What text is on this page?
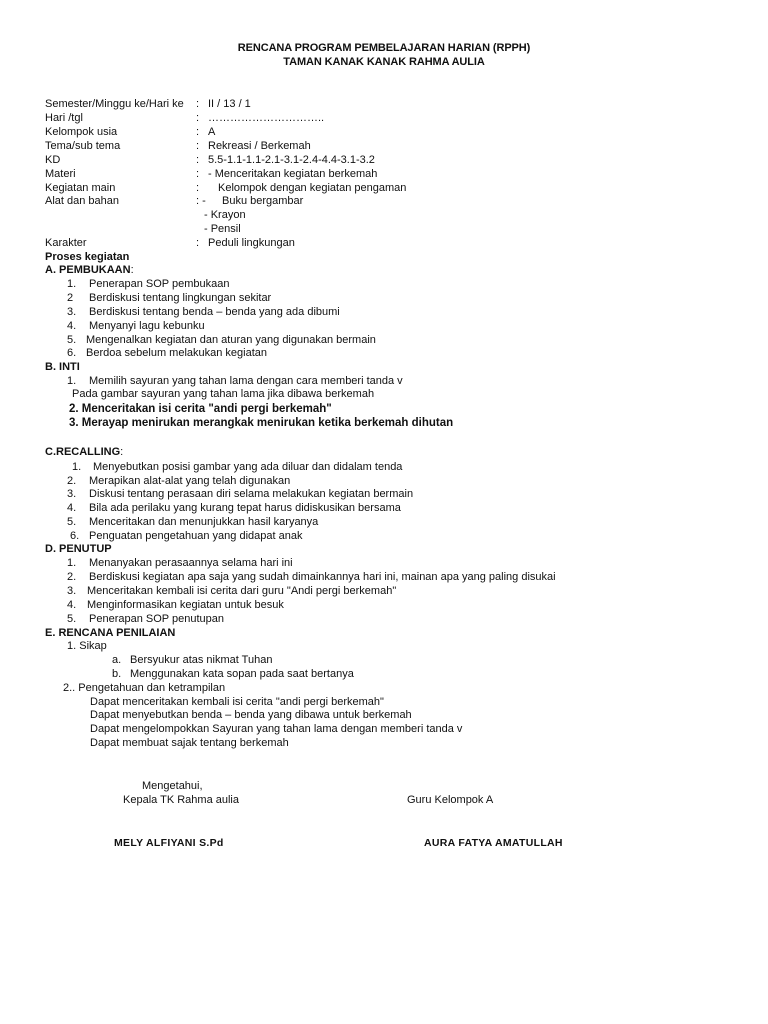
RENCANA PROGRAM PEMBELAJARAN HARIAN (RPPH)
TAMAN KANAK KANAK RAHMA AULIA
Semester/Minggu ke/Hari ke : II / 13 / 1
Hari /tgl	: …………………………..
Kelompok usia	: A
Tema/sub tema	: Rekreasi / Berkemah
KD	: 5.5-1.1-1.1-2.1-3.1-2.4-4.4-3.1-3.2
Materi	: - Menceritakan kegiatan berkemah
Kegiatan main	: Kelompok dengan kegiatan pengaman
Alat dan bahan	: - Buku bergambar
- Krayon
- Pensil
Karakter	: Peduli lingkungan
Proses kegiatan
A. PEMBUKAAN:
1. Penerapan SOP pembukaan
2 Berdiskusi tentang lingkungan sekitar
3. Berdiskusi tentang benda – benda yang ada dibumi
4. Menyanyi lagu kebunku
5. Mengenalkan kegiatan dan aturan yang digunakan bermain
6. Berdoa sebelum melakukan kegiatan
B. INTI
1. Memilih sayuran yang tahan lama dengan cara memberi tanda v
Pada gambar sayuran yang tahan lama jika dibawa berkemah
2. Menceritakan isi cerita "andi pergi berkemah"
3. Merayap menirukan merangkak menirukan ketika berkemah dihutan
C.RECALLING:
1. Menyebutkan posisi gambar yang ada diluar dan didalam tenda
2. Merapikan alat-alat yang telah digunakan
3. Diskusi tentang perasaan diri selama melakukan kegiatan bermain
4. Bila ada perilaku yang kurang tepat harus didiskusikan bersama
5. Menceritakan dan menunjukkan hasil karyanya
6. Penguatan pengetahuan yang didapat anak
D. PENUTUP
1. Menanyakan perasaannya selama hari ini
2. Berdiskusi kegiatan apa saja yang sudah dimainkannya hari ini, mainan apa yang paling disukai
3. Menceritakan kembali isi cerita dari guru "Andi pergi berkemah"
4. Menginformasikan kegiatan untuk besuk
5. Penerapan SOP penutupan
E. RENCANA PENILAIAN
1. Sikap
a. Bersyukur atas nikmat Tuhan
b. Menggunakan kata sopan pada saat bertanya
2.. Pengetahuan dan ketrampilan
Dapat menceritakan kembali isi cerita "andi pergi berkemah"
Dapat menyebutkan benda – benda yang dibawa untuk berkemah
Dapat mengelompokkan Sayuran yang tahan lama dengan memberi tanda v
Dapat membuat sajak tentang berkemah
Mengetahui,
Kepala TK Rahma aulia	Guru Kelompok A
MELY ALFIYANI S.Pd	AURA FATYA AMATULLAH
